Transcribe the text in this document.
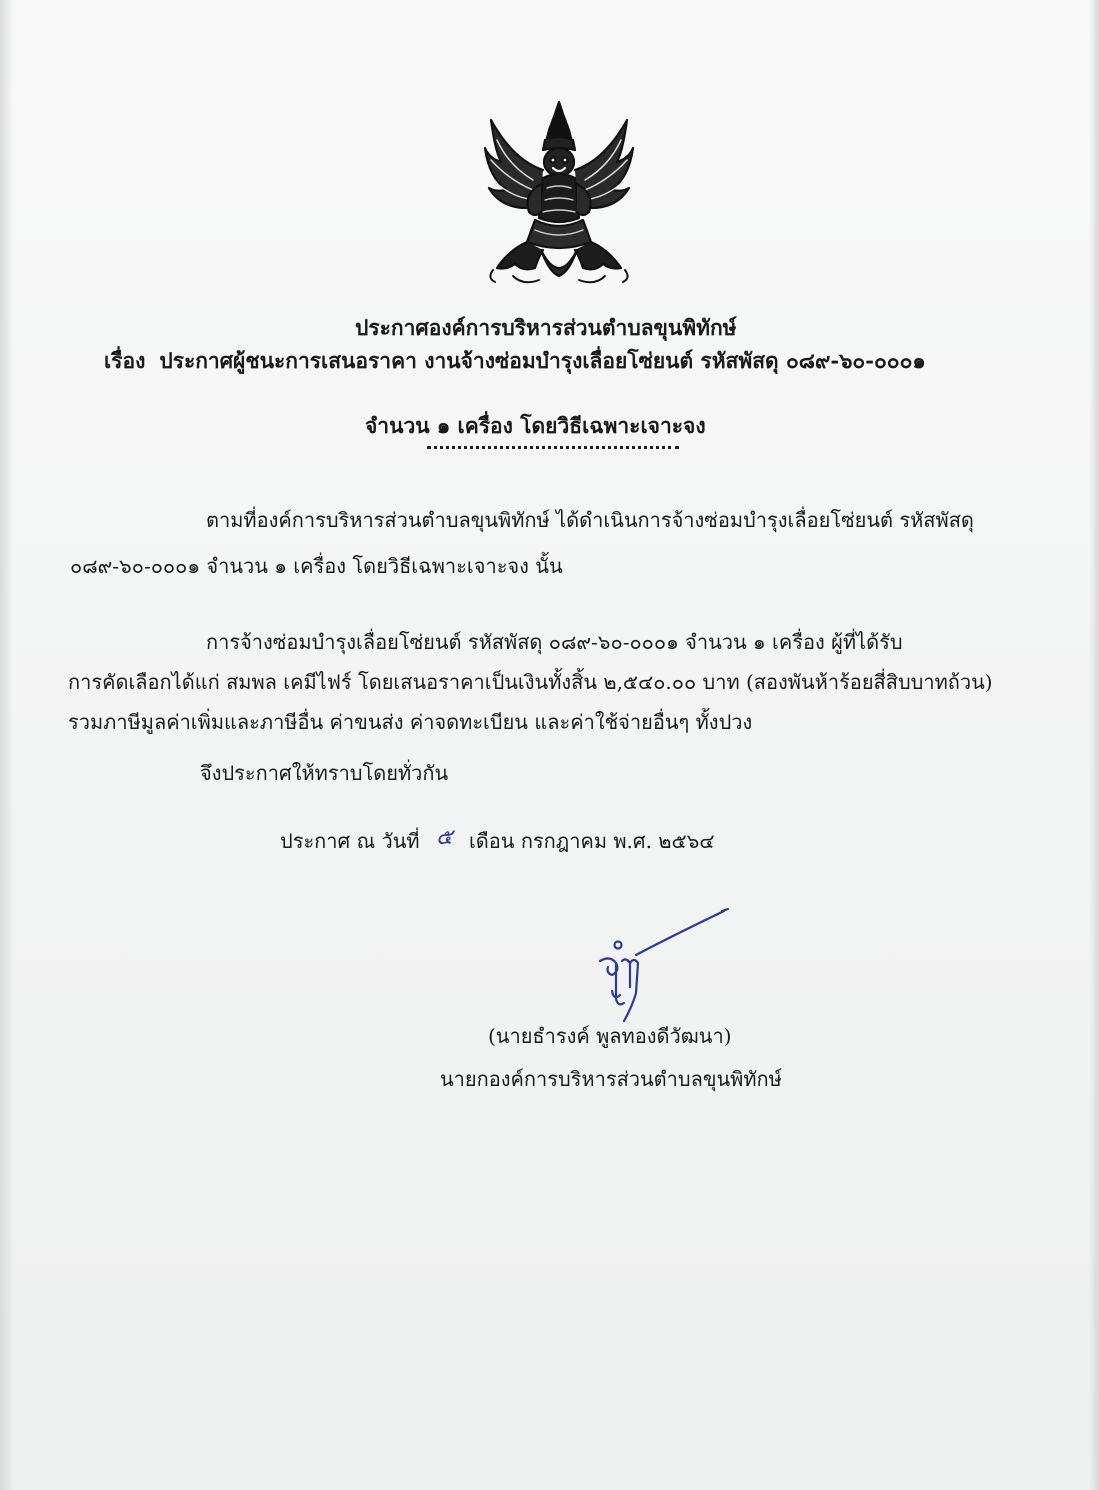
ประกาศองค์การบริหารส่วนตำบลขุนพิทักษ์
เรื่อง ประกาศผู้ชนะการเสนอราคา งานจ้างซ่อมบำรุงเลื่อยโซ่ยนต์ รหัสพัสดุ ๐๘๙-๖๐-๐๐๐๑
จำนวน ๑ เครื่อง โดยวิธีเฉพาะเจาะจง
ตามที่องค์การบริหารส่วนตำบลขุนพิทักษ์ ได้ดำเนินการจ้างซ่อมบำรุงเลื่อยโซ่ยนต์ รหัสพัสดุ
๐๘๙-๖๐-๐๐๐๑ จำนวน ๑ เครื่อง โดยวิธีเฉพาะเจาะจง นั้น
การจ้างซ่อมบำรุงเลื่อยโซ่ยนต์ รหัสพัสดุ ๐๘๙-๖๐-๐๐๐๑ จำนวน ๑ เครื่อง ผู้ที่ได้รับ
การคัดเลือกได้แก่ สมพล เคมีไฟร์ โดยเสนอราคาเป็นเงินทั้งสิ้น ๒,๕๔๐.๐๐ บาท (สองพันห้าร้อยสี่สิบบาทถ้วน)
รวมภาษีมูลค่าเพิ่มและภาษีอื่น ค่าขนส่ง ค่าจดทะเบียน และค่าใช้จ่ายอื่นๆ ทั้งปวง
จึงประกาศให้ทราบโดยทั่วกัน
ประกาศ ณ วันที่ ๕ เดือน กรกฎาคม พ.ศ. ๒๕๖๔
(นายธำรงค์ พูลทองดีวัฒนา)
นายกองค์การบริหารส่วนตำบลขุนพิทักษ์
